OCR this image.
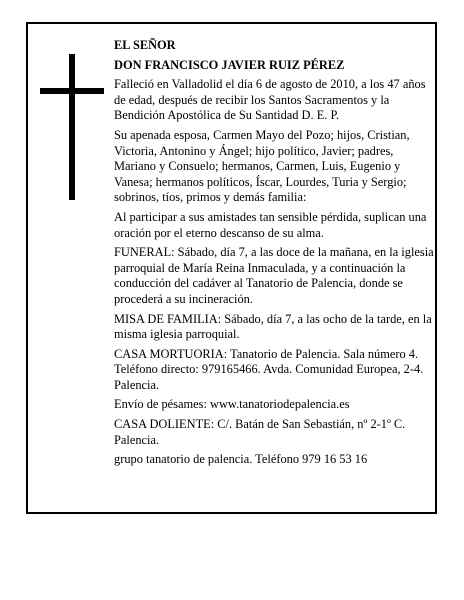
EL SEÑOR

DON FRANCISCO JAVIER RUIZ PÉREZ

Falleció en Valladolid el día 6 de agosto de 2010, a los 47 años de edad, después de recibir los Santos Sacramentos y la Bendición Apostólica de Su Santidad D. E. P.

Su apenada esposa, Carmen Mayo del Pozo; hijos, Cristian, Victoria, Antonino y Ángel; hijo político, Javier; padres, Mariano y Consuelo; hermanos, Carmen, Luis, Eugenio y Vanesa; hermanos políticos, Íscar, Lourdes, Turia y Sergio; sobrinos, tíos, primos y demás familia:

Al participar a sus amistades tan sensible pérdida, suplican una oración por el eterno descanso de su alma.

FUNERAL: Sábado, día 7, a las doce de la mañana, en la iglesia parroquial de María Reina Inmaculada, y a continuación la conducción del cadáver al Tanatorio de Palencia, donde se procederá a su incineración.

MISA DE FAMILIA: Sábado, día 7, a las ocho de la tarde, en la misma iglesia parroquial.

CASA MORTUORIA: Tanatorio de Palencia. Sala número 4. Teléfono directo: 979165466. Avda. Comunidad Europea, 2-4. Palencia.

Envío de pésames: www.tanatoriodepalencia.es

CASA DOLIENTE: C/. Batán de San Sebastián, nº 2-1º C. Palencia.

grupo tanatorio de palencia. Teléfono 979 16 53 16
